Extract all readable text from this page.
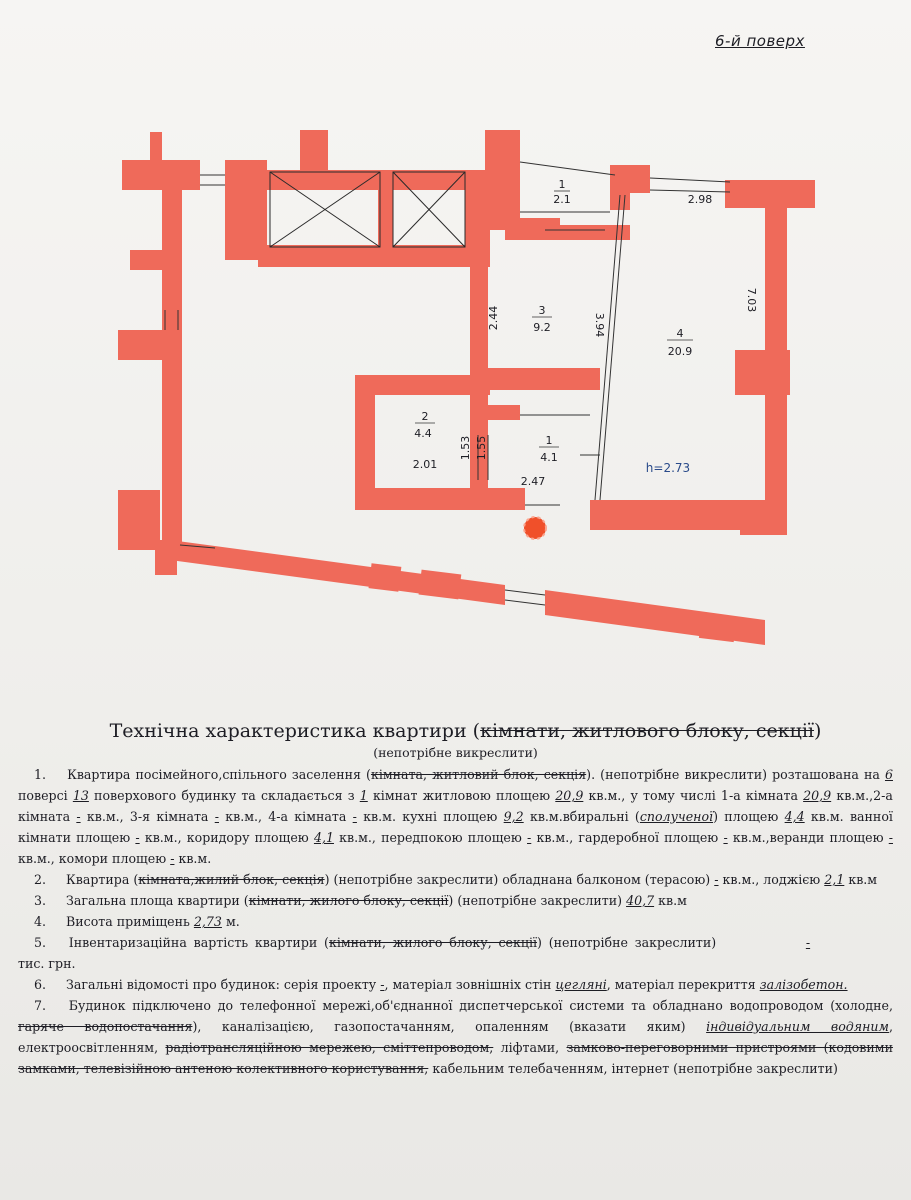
6-й поверх
1
2.1
3
9.2	4
20.9
2
4.4
1
4.1
2.98
7.03
2.44	3.94
2.01
1.53 1.55
2.47
h=2.73
Технічна характеристика квартири (кімнати, житлового блоку, секції)
(непотрібне викреслити)
1. Квартира посімейного,спільного заселення (кімната, житловий блок, секція). (непотрібне викреслити) розташована на 6 поверсі 13 поверхового будинку та складається з 1 кімнат житловою площею 20,9 кв.м., у тому числі 1-а кімната 20,9 кв.м.,2-а кімната - кв.м., 3-я кімната - кв.м., 4-а кімната - кв.м. кухні площею 9,2 кв.м.вбиральні (сполученої) площею 4,4 кв.м. ванної кімнати площею - кв.м., коридору площею 4,1 кв.м., передпокою площею - кв.м., гардеробної площею - кв.м.,веранди площею - кв.м., комори площею - кв.м.
2. Квартира (кімната,жилий блок, секція) (непотрібне закреслити) обладнана балконом (терасою) - кв.м., лоджією 2,1 кв.м
3. Загальна площа квартири (кімнати, жилого блоку, секції) (непотрібне закреслити) 40,7 кв.м
4. Висота приміщень 2,73 м.
5. Інвентаризаційна вартість квартири (кімнати, жилого блоку, секції) (непотрібне закреслити)	- тис. грн.
6. Загальні відомості про будинок: серія проекту -, матеріал зовнішніх стін цегляні, матеріал перекриття залізобетон.
7. Будинок підключено до телефонної мережі,об'єднанної диспетчерської системи та обладнано водопроводом (холодне, гаряче водопостачання), каналізацією, газопостачанням, опаленням (вказати яким) індивідуальним водяним, електроосвітленням, радіотрансляційною мережею, сміттепроводом, ліфтами, замково-переговорними пристроями (кодовими замками, телевізійною антеною колективного користування, кабельним телебаченням, інтернет (непотрібне закреслити)
